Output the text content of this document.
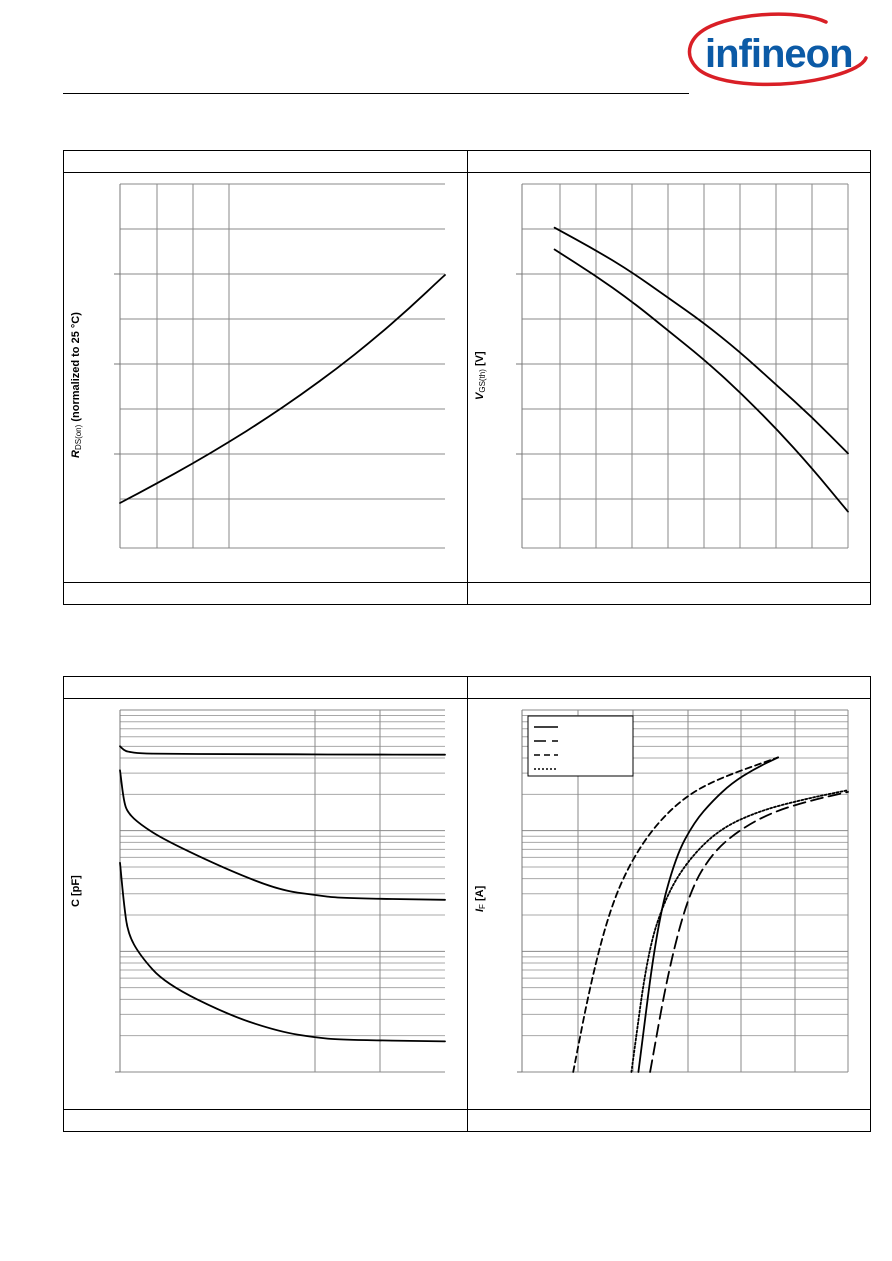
infineon
$R_{DS(on)}$ (normalized to 25 °C)	$V_{GS(th)}$ [V]
C [pF]
$I_F$ [A]
